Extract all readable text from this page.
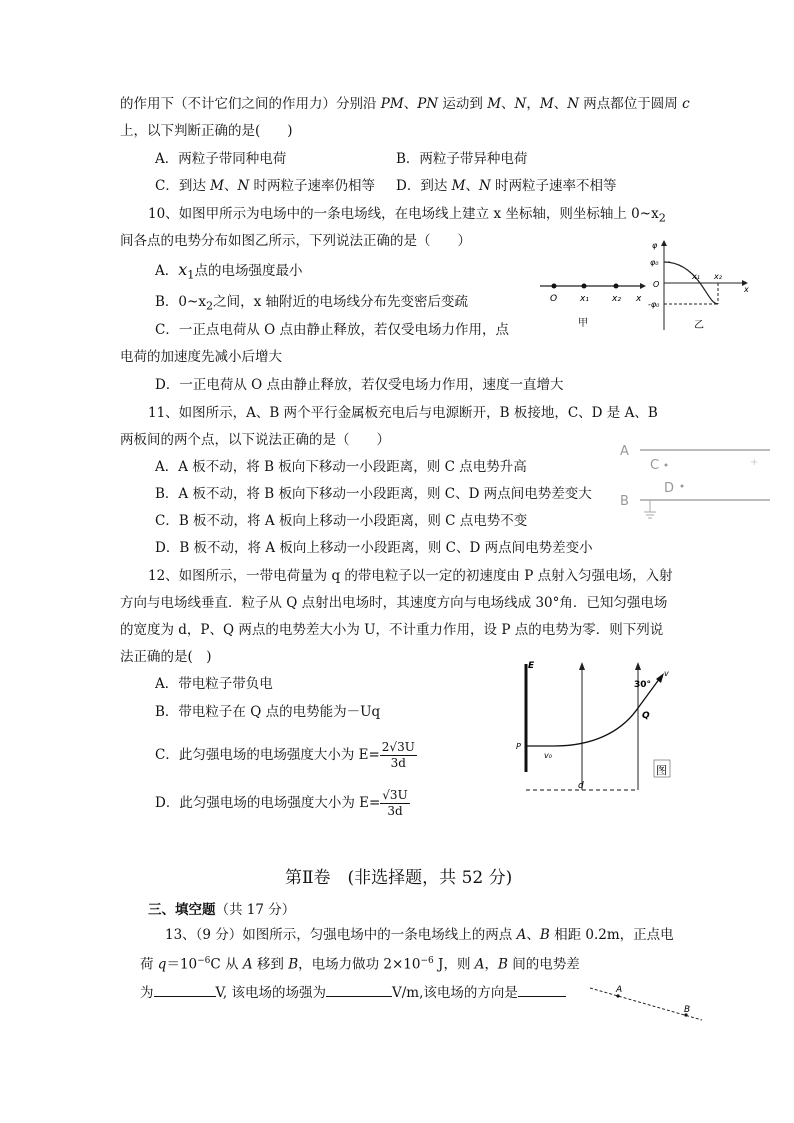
的作用下（不计它们之间的作用力）分别沿 PM、PN 运动到 M、N，M、N 两点都位于圆周 c
上，以下判断正确的是(　　)
A．两粒子带同种电荷	B．两粒子带异种电荷
C．到达 M、N 时两粒子速率仍相等 D．到达 M、N 时两粒子速率不相等
10、如图甲所示为电场中的一条电场线，在电场线上建立 x 坐标轴，则坐标轴上 $0\sim x_2$
间各点的电势分布如图乙所示，下列说法正确的是（　　）
A．$x_1$点的电场强度最小
B．$0\sim x_2$之间，x 轴附近的电场线分布先变密后变疏
C．一正点电荷从 O 点由静止释放，若仅受电场力作用，点
电荷的加速度先减小后增大
D．一正电荷从 O 点由静止释放，若仅受电场力作用，速度一直增大
O	x₁	x₂ x
甲
φ
φ₀
O
-φ₀
x₁ x₂
x
乙
11、如图所示，A、B 两个平行金属板充电后与电源断开，B 板接地，C、D 是 A、B
两板间的两个点，以下说法正确的是（　　）
A．A 板不动，将 B 板向下移动一小段距离，则 C 点电势升高
B．A 板不动，将 B 板向下移动一小段距离，则 C、D 两点间电势差变大
C．B 板不动，将 A 板向上移动一小段距离，则 C 点电势不变
D．B 板不动，将 A 板向上移动一小段距离，则 C、D 两点间电势差变小
A
B
C
D
+
12、如图所示，一带电荷量为 q 的带电粒子以一定的初速度由 P 点射入匀强电场，入射
方向与电场线垂直．粒子从 Q 点射出电场时，其速度方向与电场线成 30°角．已知匀强电场
的宽度为 d，P、Q 两点的电势差大小为 U，不计重力作用，设 P 点的电势为零．则下列说
法正确的是(　)
A．带电粒子带负电
B．带电粒子在 Q 点的电势能为－Uq
C．此匀强电场的电场强度大小为 $E= \frac{2√3U}{3d}$
D．此匀强电场的电场强度大小为 $E= \frac{√3U}{3d}$
E
30°
Q
v
P
v₀
d
图
第Ⅱ卷　(非选择题，共 52 分)
三、填空题（共 17 分）
13、（9 分）如图所示，匀强电场中的一条电场线上的两点 A、B 相距 0.2m，正点电
荷 $q=10^{-6}C$ 从 A 移到 B，电场力做功 $2\times 10^{-6}$ J，则 A，B 间的电势差
为	V, 该电场的场强为	V/m,该电场的方向是	A
B
